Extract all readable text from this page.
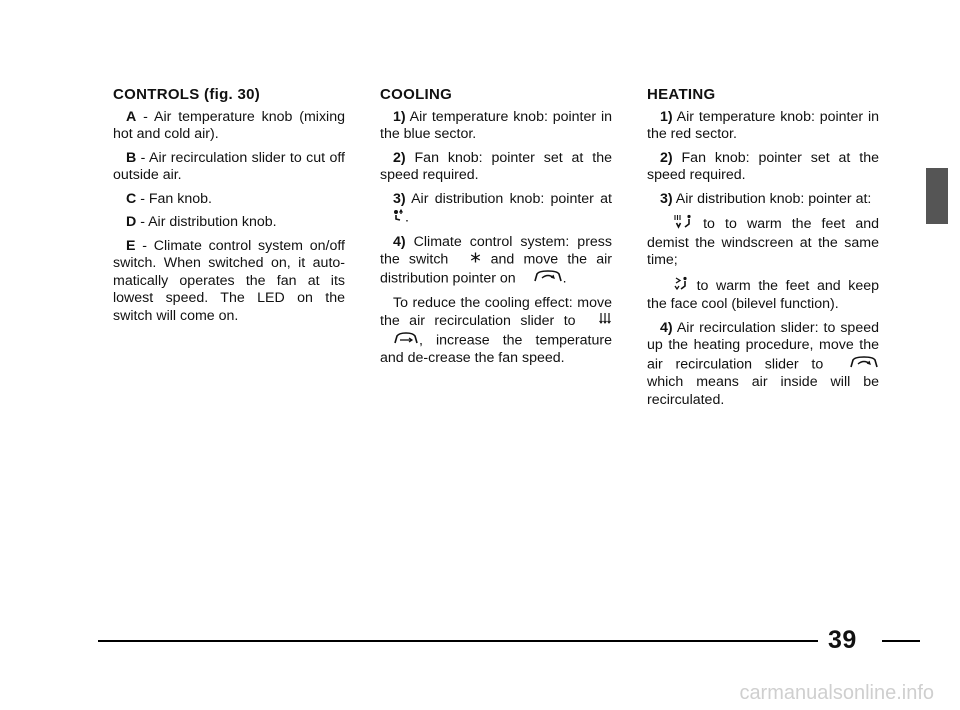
CONTROLS (fig. 30)

A - Air temperature knob (mixing hot and cold air).

B - Air recirculation slider to cut off outside air.

C - Fan knob.

D - Air distribution knob.

E - Climate control system on/off switch. When switched on, it auto-matically operates the fan at its lowest speed. The LED on the switch will come on.

COOLING

1) Air temperature knob: pointer in the blue sector.

2) Fan knob: pointer set at the speed required.

3) Air distribution knob: pointer at .

4) Climate control system: press the switch  and move the air distribution pointer on	.

To reduce the cooling effect: move the air recirculation slider to , increase the temperature and de-crease the fan speed.

HEATING

1) Air temperature knob: pointer in the red sector.

2) Fan knob: pointer set at the speed required.

3) Air distribution knob: pointer at:

to to warm the feet and demist the windscreen at the same time;

to warm the feet and keep the face cool (bilevel function).

4) Air recirculation slider: to speed up the heating procedure, move the air recirculation slider to  which means air inside will be recirculated.

39
carmanualsonline.info
